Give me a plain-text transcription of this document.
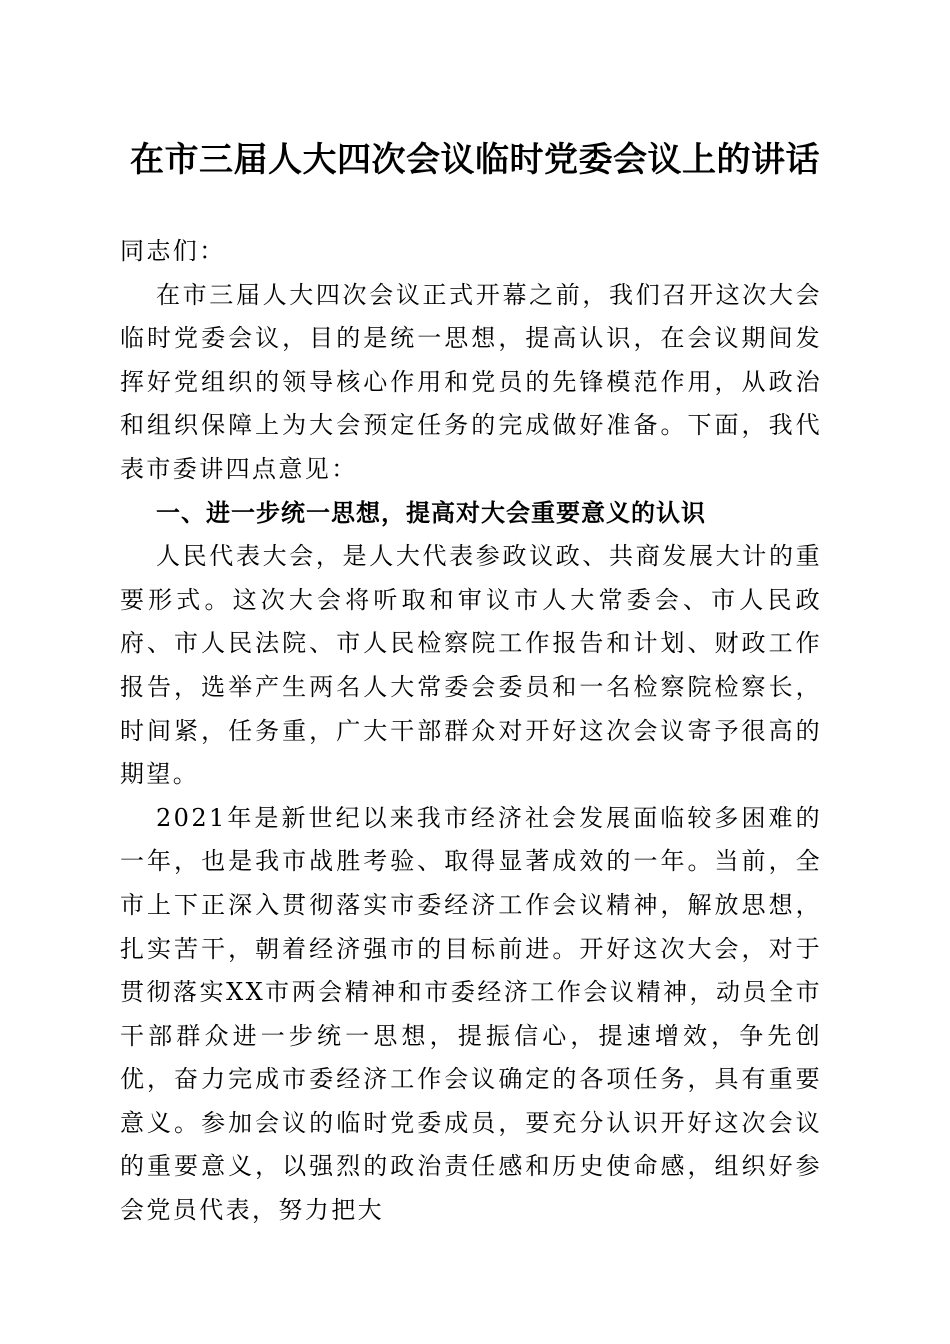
在市三届人大四次会议临时党委会议上的讲话

同志们：

在市三届人大四次会议正式开幕之前，我们召开这次大会临时党委会议，目的是统一思想，提高认识，在会议期间发挥好党组织的领导核心作用和党员的先锋模范作用，从政治和组织保障上为大会预定任务的完成做好准备。下面，我代表市委讲四点意见：

一、进一步统一思想，提高对大会重要意义的认识

人民代表大会，是人大代表参政议政、共商发展大计的重要形式。这次大会将听取和审议市人大常委会、市人民政府、市人民法院、市人民检察院工作报告和计划、财政工作报告，选举产生两名人大常委会委员和一名检察院检察长，时间紧，任务重，广大干部群众对开好这次会议寄予很高的期望。

2021年是新世纪以来我市经济社会发展面临较多困难的一年，也是我市战胜考验、取得显著成效的一年。当前，全市上下正深入贯彻落实市委经济工作会议精神，解放思想，扎实苦干，朝着经济强市的目标前进。开好这次大会，对于贯彻落实XX市两会精神和市委经济工作会议精神，动员全市干部群众进一步统一思想，提振信心，提速增效，争先创优，奋力完成市委经济工作会议确定的各项任务，具有重要意义。参加会议的临时党委成员，要充分认识开好这次会议的重要意义，以强烈的政治责任感和历史使命感，组织好参会党员代表，努力把大
